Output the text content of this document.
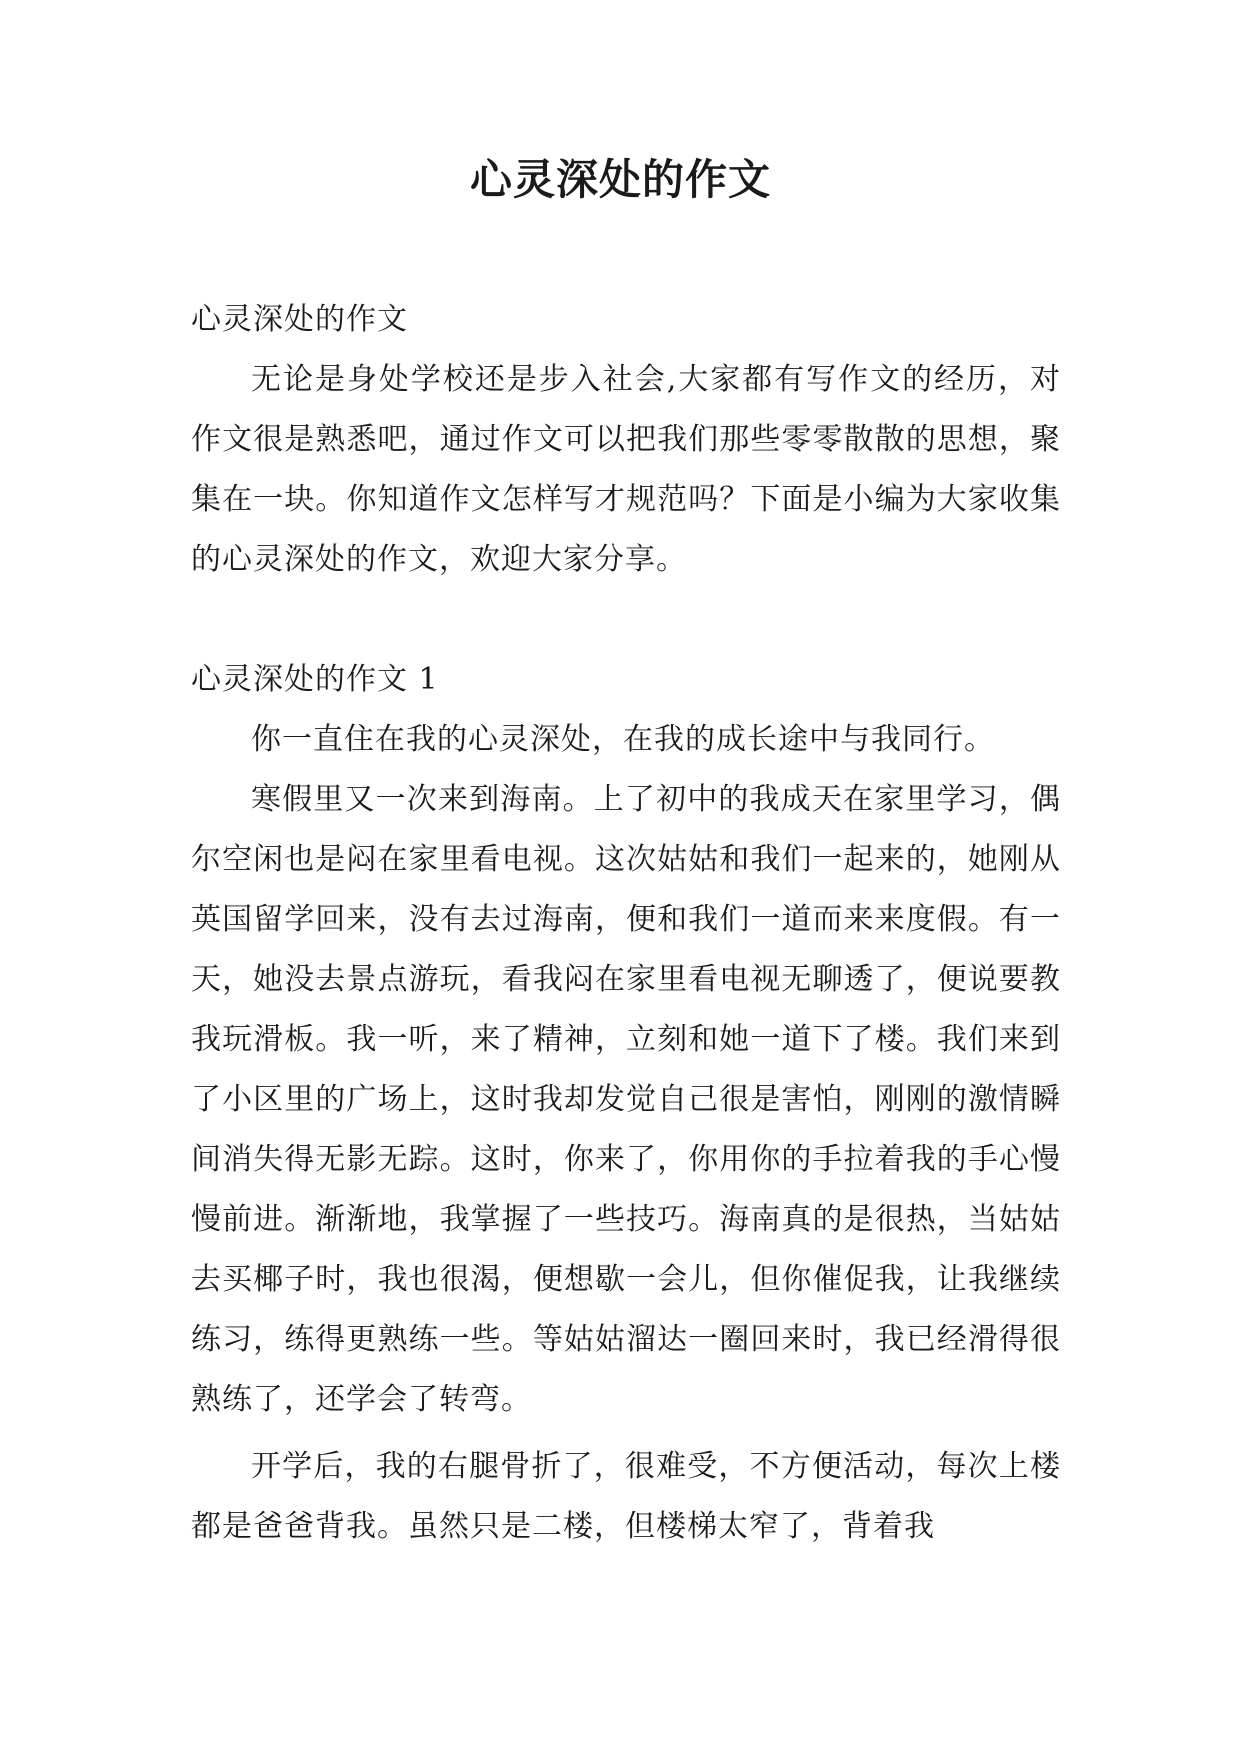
心灵深处的作文

心灵深处的作文

无论是身处学校还是步入社会,大家都有写作文的经历，对作文很是熟悉吧，通过作文可以把我们那些零零散散的思想，聚集在一块。你知道作文怎样写才规范吗？下面是小编为大家收集的心灵深处的作文，欢迎大家分享。

心灵深处的作文 1

你一直住在我的心灵深处，在我的成长途中与我同行。

寒假里又一次来到海南。上了初中的我成天在家里学习，偶尔空闲也是闷在家里看电视。这次姑姑和我们一起来的，她刚从英国留学回来，没有去过海南，便和我们一道而来来度假。有一天，她没去景点游玩，看我闷在家里看电视无聊透了，便说要教我玩滑板。我一听，来了精神，立刻和她一道下了楼。我们来到了小区里的广场上，这时我却发觉自己很是害怕，刚刚的激情瞬间消失得无影无踪。这时，你来了，你用你的手拉着我的手心慢慢前进。渐渐地，我掌握了一些技巧。海南真的是很热，当姑姑去买椰子时，我也很渴，便想歇一会儿，但你催促我，让我继续练习，练得更熟练一些。等姑姑溜达一圈回来时，我已经滑得很熟练了，还学会了转弯。

开学后，我的右腿骨折了，很难受，不方便活动，每次上楼都是爸爸背我。虽然只是二楼，但楼梯太窄了，背着我
